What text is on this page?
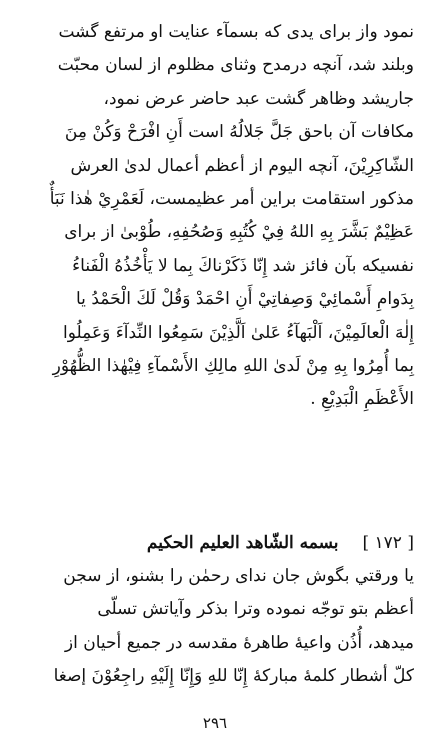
نمود واز براى يدى كه بسمآء عنايت او مرتفع گشت

وبلند شد، آنچه درمدح وثناى مظلوم از لسان محبّت

جاريشد وظاهر گشت عبد حاضر عرض نمود،

مكافات آن باحق جَلَّ جَلالُهُ است أَنِ افْرَحْ وَكُنْ مِنَ

الشّاكِرِيْنَ، آنچه اليوم از أعظم أعمال لدىٰ العرش

مذكور استقامت براين أمر عظيمست، لَعَمْرِيْ هٰذا نَبَأٌ

عَظِيْمٌ بَشَّرَ بِهِ اللهُ فِيْ كُتُبِهِ وَصُحُفِهِ، طُوْبىٰ از براى

نفسيكه بآن فائز شد إِنّا ذَكَرْناكَ بِما لا يَأْخُذُهُ الْفَناءُ

بِدَوامِ أَسْمائِيْ وَصِفاتِيْ أَنِ احْمَدْ وَقُلْ لَكَ الْحَمْدُ يا

إِلٰهَ الْعالَمِيْنَ، اَلْبَهآءُ عَلىٰ اَلَّذِيْنَ سَمِعُوا النِّدآءَ وَعَمِلُوا

بِما أُمِرُوا بِهِ مِنْ لَدىٰ اللهِ مالِكِ الأَسْمآءِ فِيْهٰذا الظُّهُوْرِ

الأَعْظَمِ الْبَدِيْعِ .

[ ١٧٢ ]
بسمه الشّاهد العليم الحكيم

يا ورقتي بگوش جان نداى رحمٰن را بشنو، از سجن

أعظم بتو توجّه نموده وترا بذكر وآياتش تسلّى

ميدهد، أُذُن واعيهٔ طاهرهٔ مقدسه در جميع أحيان از

كلّ أشطار كلمهٔ مباركهٔ إِنّا للهِ وَإِنّا إِلَيْهِ راجِعُوْنَ إصغا

٢٩٦
